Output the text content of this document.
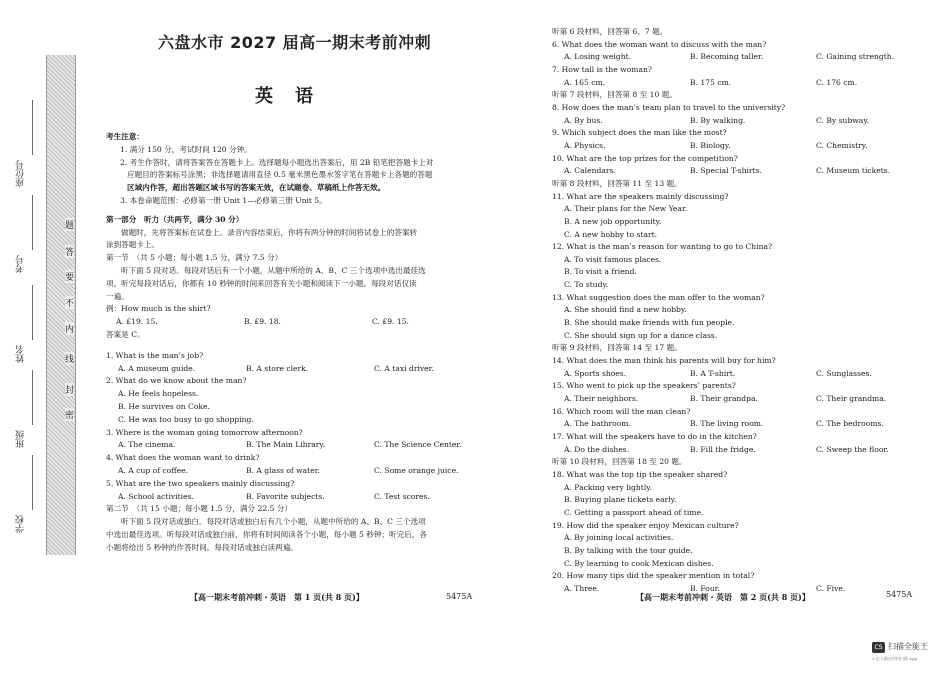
题
答
要
不
内
线
封
密
座位号
考号
姓名
班级
学校
六盘水市 2027 届高一期末考前冲刺
英语

考生注意：

1. 满分 150 分，考试时间 120 分钟。

2. 考生作答时，请将答案答在答题卡上。选择题每小题选出答案后，用 2B 铅笔把答题卡上对

应题目的答案标号涂黑；非选择题请用直径 0.5 毫米黑色墨水签字笔在答题卡上各题的答题

区域内作答，超出答题区域书写的答案无效，在试题卷、草稿纸上作答无效。

3. 本卷命题范围：必修第一册 Unit 1—必修第三册 Unit 5。

第一部分　听力（共两节，满分 30 分）

做题时，先将答案标在试卷上。录音内容结束后，你将有两分钟的时间将试卷上的答案转

涂到答题卡上。

第一节　（共 5 小题；每小题 1.5 分，满分 7.5 分）

听下面 5 段对话。每段对话后有一个小题，从题中所给的 A、B、C 三个选项中选出最佳选

项。听完每段对话后，你都有 10 秒钟的时间来回答有关小题和阅读下一小题。每段对话仅读

一遍。

例：How much is the shirt?

A. £19. 15.	B. £9. 18.	C. £9. 15.

答案是 C。

1. What is the man’s job?

A. A museum guide.	B. A store clerk.	C. A taxi driver.

2. What do we know about the man?

A. He feels hopeless.

B. He survives on Coke.

C. He was too busy to go shopping.

3. Where is the woman going tomorrow afternoon?

A. The cinema.	B. The Main Library.	C. The Science Center.

4. What does the woman want to drink?

A. A cup of coffee.	B. A glass of water.	C. Some orange juice.

5. What are the two speakers mainly discussing?

A. School activities.	B. Favorite subjects.	C. Test scores.

第二节　（共 15 小题；每小题 1.5 分，满分 22.5 分）

听下面 5 段对话或独白。每段对话或独白后有几个小题，从题中所给的 A、B、C 三个选项

中选出最佳选项。听每段对话或独白前，你将有时间阅读各个小题，每小题 5 秒钟；听完后，各

小题将给出 5 秒钟的作答时间。每段对话或独白读两遍。

听第 6 段材料，回答第 6、7 题。

6. What does the woman want to discuss with the man?

A. Losing weight.	B. Becoming taller.	C. Gaining strength.

7. How tall is the woman?

A. 165 cm.	B. 175 cm.	C. 176 cm.

听第 7 段材料，回答第 8 至 10 题。

8. How does the man’s team plan to travel to the university?

A. By bus.	B. By walking.	C. By subway.

9. Which subject does the man like the most?

A. Physics.	B. Biology.	C. Chemistry.

10. What are the top prizes for the competition?

A. Calendars.	B. Special T-shirts.	C. Museum tickets.

听第 8 段材料，回答第 11 至 13 题。

11. What are the speakers mainly discussing?

A. Their plans for the New Year.

B. A new job opportunity.

C. A new hobby to start.

12. What is the man’s reason for wanting to go to China?

A. To visit famous places.

B. To visit a friend.

C. To study.

13. What suggestion does the man offer to the woman?

A. She should find a new hobby.

B. She should make friends with fun people.

C. She should sign up for a dance class.

听第 9 段材料，回答第 14 至 17 题。

14. What does the man think his parents will buy for him?

A. Sports shoes.	B. A T-shirt.	C. Sunglasses.

15. Who went to pick up the speakers’ parents?

A. Their neighbors.	B. Their grandpa.	C. Their grandma.

16. Which room will the man clean?

A. The bathroom.	B. The living room.	C. The bedrooms.

17. What will the speakers have to do in the kitchen?

A. Do the dishes.	B. Fill the fridge.	C. Sweep the floor.

听第 10 段材料，回答第 18 至 20 题。

18. What was the top tip the speaker shared?

A. Packing very lightly.

B. Buying plane tickets early.

C. Getting a passport ahead of time.

19. How did the speaker enjoy Mexican culture?

A. By joining local activities.

B. By talking with the tour guide.

C. By learning to cook Mexican dishes.

20. How many tips did the speaker mention in total?

A. Three.	B. Four.	C. Five.
【高一期末考前冲刺・英语　第 1 页(共 8 页)】	5475A	【高一期末考前冲刺・英语　第 2 页(共 8 页)】	5475A
CS 扫描全能王
3 亿人都在用的扫描 App
